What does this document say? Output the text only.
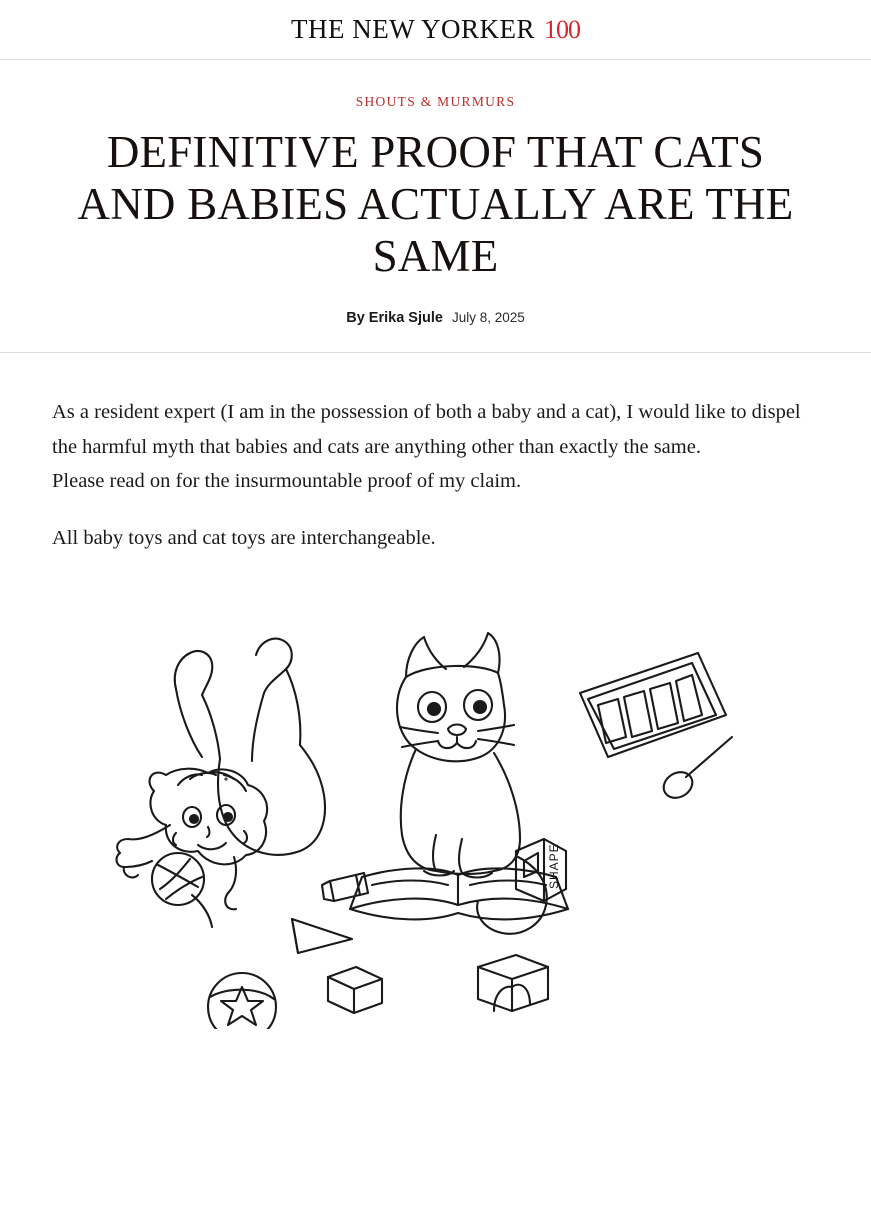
THE NEW YORKER 100
SHOUTS & MURMURS
DEFINITIVE PROOF THAT CATS AND BABIES ACTUALLY ARE THE SAME
By Erika Sjule July 8, 2025

As a resident expert (I am in the possession of both a baby and a cat), I would like to dispel the harmful myth that babies and cats are anything other than exactly the same.

Please read on for the insurmountable proof of my claim.

All baby toys and cat toys are interchangeable.

SHAPE
